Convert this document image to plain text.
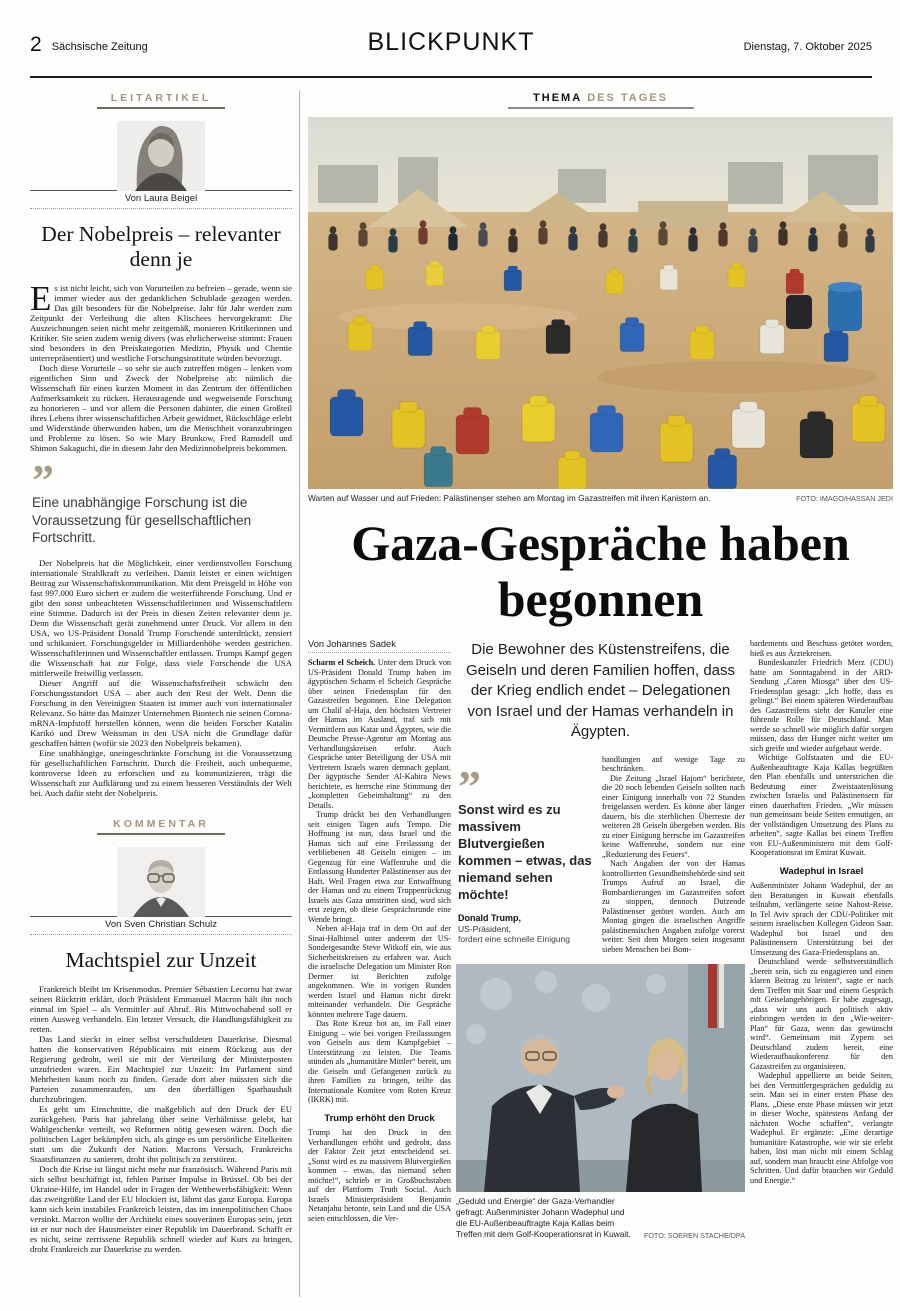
2 Sächsische Zeitung	BLICKPUNKT	Dienstag, 7. Oktober 2025
LEITARTIKEL
Von Laura Beigel
Der Nobelpreis – relevanter denn je

Es ist nicht leicht, sich von Vorurteilen zu befreien – gerade, wenn sie immer wieder aus der gedanklichen Schublade gezogen werden. Das gilt besonders für die Nobelpreise. Jahr für Jahr werden zum Zeitpunkt der Verleihung die alten Klischees hervorgekramt: Die Auszeichnungen seien nicht mehr zeitgemäß, monieren Kritikerinnen und Kritiker. Sie seien zudem wenig divers (was ehrlicherweise stimmt: Frauen sind besonders in den Preiskategorien Medizin, Physik und Chemie unterrepräsentiert) und westliche Forschungsinstitute würden bevorzugt.

Doch diese Vorurteile – so sehr sie auch zutreffen mögen – lenken vom eigentlichen Sinn und Zweck der Nobelpreise ab: nämlich die Wissenschaft für einen kurzen Moment in das Zentrum der öffentlichen Aufmerksamkeit zu rücken. Herausragende und wegweisende Forschung zu honorieren – und vor allem die Personen dahinter, die einen Großteil ihres Lebens ihrer wissenschaftlichen Arbeit gewidmet, Rückschläge erlebt und Widerstände überwunden haben, um die Menschheit voranzubringen und Probleme zu lösen. So wie Mary Brunkow, Fred Ramsdell und Shimon Sakaguchi, die in diesem Jahr den Medizinnobelpreis bekommen.

”
Eine unabhängige Forschung ist die Voraussetzung für gesellschaftlichen Fortschritt.

Der Nobelpreis hat die Möglichkeit, einer verdienstvollen Forschung internationale Strahlkraft zu verleihen. Damit leistet er einen wichtigen Beitrag zur Wissenschaftskommunikation. Mit dem Preisgeld in Höhe von fast 997.000 Euro sichert er zudem die weiterführende Forschung. Und er gibt den sonst unbeachteten Wissenschaftlerinnen und Wissenschaftlern eine Stimme. Dadurch ist der Preis in diesen Zeiten relevanter denn je. Denn die Wissenschaft gerät zunehmend unter Druck. Vor allem in den USA, wo US-Präsident Donald Trump Forschende unterdrückt, zensiert und schikaniert. Forschungsgelder in Milliardenhöhe werden gestrichen. Wissenschaftlerinnen und Wissenschaftler entlassen. Trumps Kampf gegen die Wissenschaft hat zur Folge, dass viele Forschende die USA mittlerweile freiwillig verlassen.

Dieser Angriff auf die Wissenschaftsfreiheit schwächt den Forschungsstandort USA – aber auch den Rest der Welt. Denn die Forschung in den Vereinigten Staaten ist immer auch von internationaler Relevanz. So hätte das Mainzer Unternehmen Biontech nie seinen Corona-mRNA-Impfstoff herstellen können, wenn die beiden Forscher Katalin Karikó und Drew Weissman in den USA nicht die Grundlage dafür geschaffen hätten (wofür sie 2023 den Nobelpreis bekamen).

Eine unabhängige, uneingeschränkte Forschung ist die Voraussetzung für gesellschaftlichen Fortschritt. Durch die Freiheit, auch unbequeme, kontroverse Ideen zu erforschen und zu kommunizieren, trägt die Wissenschaft zur Aufklärung und zu einem besseren Verständnis der Welt bei. Auch dafür steht der Nobelpreis.

KOMMENTAR
Von Sven Christian Schulz
Machtspiel zur Unzeit

Frankreich bleibt im Krisenmodus. Premier Sébastien Lecornu hat zwar seinen Rücktritt erklärt, doch Präsident Emmanuel Macron hält ihn noch einmal im Spiel – als Vermittler auf Abruf. Bis Mittwochabend soll er einen Ausweg verhandeln. Ein letzter Versuch, die Handlungsfähigkeit zu retten.

Das Land steckt in einer selbst verschuldeten Dauerkrise. Diesmal hatten die konservativen Républicains mit einem Rückzug aus der Regierung gedroht, weil sie mit der Verteilung der Ministerposten unzufrieden waren. Ein Machtspiel zur Unzeit: Im Parlament sind Mehrheiten kaum noch zu finden. Gerade dort aber müssten sich die Parteien zusammenraufen, um den überfälligen Sparhaushalt durchzubringen.

Es geht um Einschnitte, die maßgeblich auf den Druck der EU zurückgehen. Paris hat jahrelang über seine Verhältnisse gelebt, hat Wahlgeschenke verteilt, wo Reformen nötig gewesen wären. Doch die politischen Lager bekämpfen sich, als ginge es um persönliche Eitelkeiten statt um die Zukunft der Nation. Macrons Versuch, Frankreichs Staatsfinanzen zu sanieren, droht ihn politisch zu zerstören.

Doch die Krise ist längst nicht mehr nur französisch. Während Paris mit sich selbst beschäftigt ist, fehlen Pariser Impulse in Brüssel. Ob bei der Ukraine-Hilfe, im Handel oder in Fragen der Wettbewerbsfähigkeit: Wenn das zweitgrößte Land der EU blockiert ist, lähmt das ganz Europa. Europa kann sich kein instabiles Frankreich leisten, das im innenpolitischen Chaos versinkt. Macron wollte der Architekt eines souveränen Europas sein, jetzt ist er nur noch der Hausmeister einer Republik im Dauerbrand. Schafft er es nicht, seine zerrissene Republik schnell wieder auf Kurs zu bringen, droht Frankreich zur Dauerkrise zu werden.

THEMA DES TAGES
Warten auf Wasser und auf Frieden: Palästinenser stehen am Montag im Gazastreifen mit ihren Kanistern an.	FOTO: IMAGO/HASSAN JEDI
Gaza-Gespräche haben begonnen
Von Johannes Sadek

Scharm el Scheich. Unter dem Druck von US-Präsident Donald Trump haben im ägyptischen Scharm el Scheich Gespräche über seinen Friedensplan für den Gazastreifen begonnen. Eine Delegation um Chalil al-Haja, den höchsten Vertreter der Hamas im Ausland, traf sich mit Vermittlern aus Katar und Ägypten, wie die Deutsche Presse-Agentur am Montag aus Verhandlungskreisen erfuhr. Auch Gespräche unter Beteiligung der USA mit Vertretern Israels waren demnach geplant. Der ägyptische Sender Al-Kahira News berichtete, es herrsche eine Stimmung der „kompletten Geheimhaltung“ zu den Details.

Trump drückt bei den Verhandlungen seit einigen Tagen aufs Tempo. Die Hoffnung ist nun, dass Israel und die Hamas sich auf eine Freilassung der verbliebenen 48 Geiseln einigen – im Gegenzug für eine Waffenruhe und die Entlassung Hunderter Palästinenser aus der Haft. Weil Fragen etwa zur Entwaffnung der Hamas und zu einem Truppenrückzug Israels aus Gaza umstritten sind, wird sich erst zeigen, ob diese Gesprächsrunde eine Wende bringt.

Neben al-Haja traf in dem Ort auf der Sinai-Halbinsel unter anderem der US-Sondergesandte Steve Witkoff ein, wie aus Sicherheitskreisen zu erfahren war. Auch die israelische Delegation um Minister Ron Dermer ist Berichten zufolge angekommen. Wie in vorigen Runden werden Israel und Hamas nicht direkt miteinander verhandeln. Die Gespräche könnten mehrere Tage dauern.

Das Rote Kreuz bot an, im Fall einer Einigung – wie bei vorigen Freilassungen von Geiseln aus dem Kampfgebiet – Unterstützung zu leisten. Die Teams stünden als „humanitäre Mittler“ bereit, um die Geiseln und Gefangenen zurück zu ihren Familien zu bringen, teilte das Internationale Komitee vom Roten Kreuz (IKRK) mit.

Trump erhöht den Druck

Trump hat den Druck in den Verhandlungen erhöht und gedroht, dass der Faktor Zeit jetzt entscheidend sei. „Sonst wird es zu massivem Blutvergießen kommen – etwas, das niemand sehen möchte!“, schrieb er in Großbuchstaben auf der Plattform Truth Social. Auch Israels Ministerpräsident Benjamin Netanjahu betonte, sein Land und die USA seien entschlossen, die Ver-

Die Bewohner des Küstenstreifens, die Geiseln und deren Familien hoffen, dass der Krieg endlich endet – Delegationen von Israel und der Hamas verhandeln in Ägypten.
”
Sonst wird es zu massivem Blutvergießen kommen – etwas, das niemand sehen möchte!
Donald Trump,
US-Präsident,
fordert eine schnelle Einigung

handlungen auf wenige Tage zu beschränken.

Die Zeitung „Israel Hajom“ berichtete, die 20 noch lebenden Geiseln sollten nach einer Einigung innerhalb von 72 Stunden freigelassen werden. Es könne aber länger dauern, bis die sterblichen Überreste der weiteren 28 Geiseln übergeben werden. Bis zu einer Einigung herrsche im Gazastreifen keine Waffenruhe, sondern nur eine „Reduzierung des Feuers“.

Nach Angaben der von der Hamas kontrollierten Gesundheitsbehörde sind seit Trumps Aufruf an Israel, die Bombardierungen im Gazastreifen sofort zu stoppen, dennoch Dutzende Palästinenser getötet worden. Auch am Montag gingen die israelischen Angriffe palästinensischen Angaben zufolge vorerst weiter. Seit dem Morgen seien insgesamt sieben Menschen bei Bom-

„Geduld und Energie“ der Gaza-Verhandler gefragt: Außenminister Johann Wadephul und die EU-Außenbeauftragte Kaja Kallas beim Treffen mit dem Golf-Kooperationsrat in Kuwait.	FOTO: SOEREN STACHE/DPA

bardements und Beschuss getötet worden, hieß es aus Ärztekreisen.

Bundeskanzler Friedrich Merz (CDU) hatte am Sonntagabend in der ARD-Sendung „Caren Miosga“ über den US-Friedensplan gesagt: „Ich hoffe, dass es gelingt.“ Bei einem späteren Wiederaufbau des Gazastreifens sieht der Kanzler eine führende Rolle für Deutschland. Man werde so schnell wie möglich dafür sorgen müssen, dass der Hunger nicht weiter um sich greife und wieder aufgebaut werde.

Wichtige Golfstaaten und die EU-Außenbeauftragte Kaja Kallas begrüßten den Plan ebenfalls und unterstrichen die Bedeutung einer Zweistaatenlösung zwischen Israelis und Palästinensern für einen dauerhaften Frieden. „Wir müssen nun gemeinsam beide Seiten ermutigen, an der vollständigen Umsetzung des Plans zu arbeiten“, sagte Kallas bei einem Treffen von EU-Außenministern mit dem Golf-Kooperationsrat im Emirat Kuwait.

Wadephul in Israel

Außenminister Johann Wadephul, der an den Beratungen in Kuwait ebenfalls teilnahm, verlängerte seine Nahost-Reise. In Tel Aviv sprach der CDU-Politiker mit seinem israelischen Kollegen Gideon Saar. Wadephul bot Israel und den Palästinensern Unterstützung bei der Umsetzung des Gaza-Friedensplans an.

Deutschland werde selbstverständlich „bereit sein, sich zu engagieren und einen klaren Beitrag zu leisten“, sagte er nach dem Treffen mit Saar und einem Gespräch mit Geiselangehörigen. Er habe zugesagt, „dass wir uns auch politisch aktiv einbringen werden in den „Wie-weiter-Plan“ für Gaza, wenn das gewünscht wird“. Gemeinsam mit Zypern sei Deutschland zudem bereit, eine Wiederaufbaukonferenz für den Gazastreifen zu organisieren.

Wadephul appellierte an beide Seiten, bei den Vermittlergesprächen geduldig zu sein. Man sei in einer ersten Phase des Plans. „Diese erste Phase müssen wir jetzt in dieser Woche, spätestens Anfang der nächsten Woche schaffen“, verlangte Wadephul. Er ergänzte: „Eine derartige humanitäre Katastrophe, wie wir sie erlebt haben, löst man nicht mit einem Schlag auf, sondern man braucht eine Abfolge von Schritten. Und dafür brauchen wir Geduld und Energie.“
